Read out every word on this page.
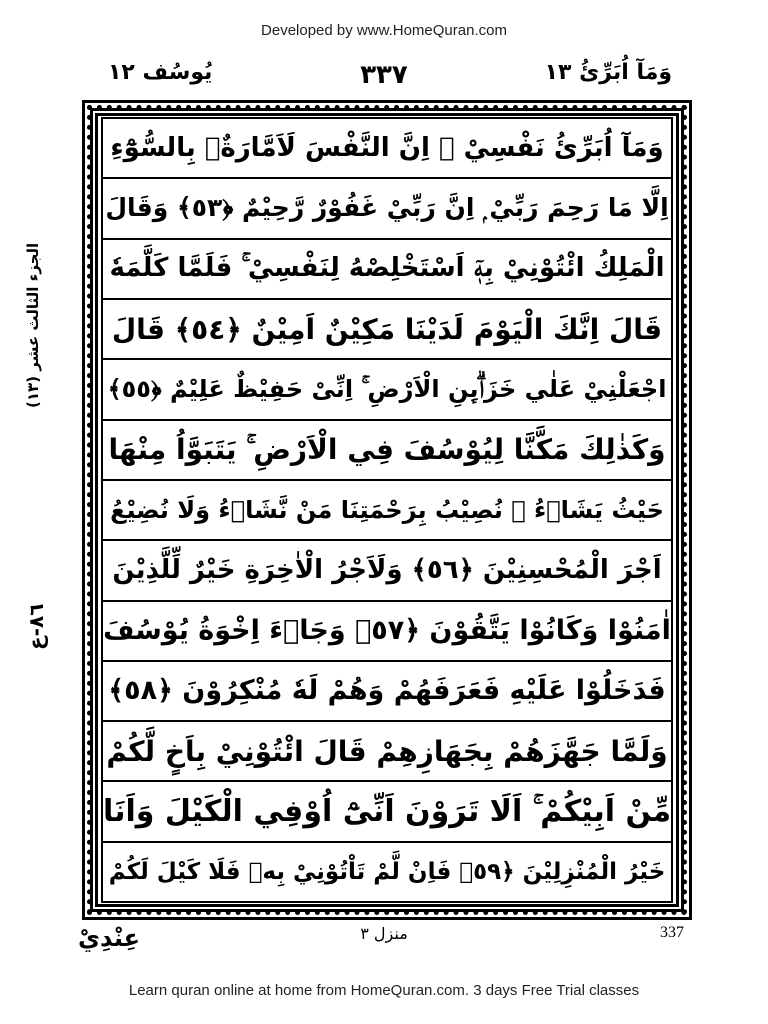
Developed by www.HomeQuran.com
وَمَآ اُبَرِّئُ ١٣
٣٣٧
يُوسُف ١٢
الجزء الثالث عشر (١٣)
٨٦-ع
وَمَآ اُبَرِّئُ نَفْسِيْ ۚ اِنَّ النَّفْسَ لَاَمَّارَةٌۢ بِالسُّوْٓءِ
اِلَّا مَا رَحِمَ رَبِّيْ ۭ اِنَّ رَبِّيْ غَفُوْرٌ رَّحِيْمٌ ﴿٥٣﴾ وَقَالَ
الْمَلِكُ ائْتُوْنِيْ بِهٖٓ اَسْتَخْلِصْهُ لِنَفْسِيْ ۚ فَلَمَّا كَلَّمَهٗ
قَالَ اِنَّكَ الْيَوْمَ لَدَيْنَا مَكِيْنٌ اَمِيْنٌ ﴿٥٤﴾ قَالَ
اجْعَلْنِيْ عَلٰي خَزَاۗىِٕنِ الْاَرْضِ ۚ اِنِّىْ حَفِيْظٌ عَلِيْمٌ ﴿٥٥﴾
وَكَذٰلِكَ مَكَّنَّا لِيُوْسُفَ فِي الْاَرْضِ ۚ يَتَبَوَّاُ مِنْهَا
حَيْثُ يَشَاۗءُ ۭ نُصِيْبُ بِرَحْمَتِنَا مَنْ نَّشَاۗءُ وَلَا نُضِيْعُ
اَجْرَ الْمُحْسِنِيْنَ ﴿٥٦﴾ وَلَاَجْرُ الْاٰخِرَةِ خَيْرٌ لِّلَّذِيْنَ
اٰمَنُوْا وَكَانُوْا يَتَّقُوْنَ ﴿٥٧﴾ وَجَاۗءَ اِخْوَةُ يُوْسُفَ
فَدَخَلُوْا عَلَيْهِ فَعَرَفَهُمْ وَهُمْ لَهٗ مُنْكِرُوْنَ ﴿٥٨﴾
وَلَمَّا جَهَّزَهُمْ بِجَهَازِهِمْ قَالَ ائْتُوْنِيْ بِاَخٍ لَّكُمْ
مِّنْ اَبِيْكُمْ ۚ اَلَا تَرَوْنَ اَنِّىْٓ اُوْفِي الْكَيْلَ وَاَنَا
خَيْرُ الْمُنْزِلِيْنَ ﴿٥٩﴾ فَاِنْ لَّمْ تَاْتُوْنِيْ بِهٖ فَلَا كَيْلَ لَكُمْ
عِنْدِيْ	منزل ٣	337
Learn quran online at home from HomeQuran.com. 3 days Free Trial classes
